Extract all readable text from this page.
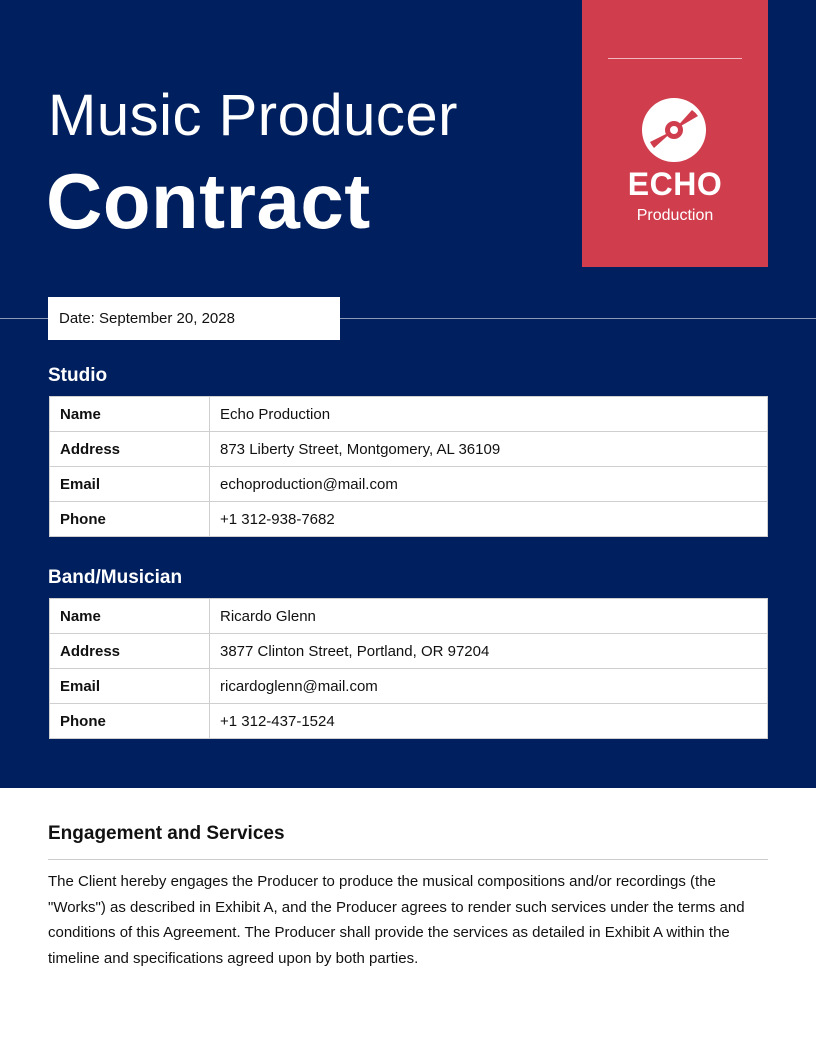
Music Producer
Contract	ECHO
Production
Date: September 20, 2028
Studio
Name	Echo Production
Address	873 Liberty Street, Montgomery, AL 36109
Email	echoproduction@mail.com
Phone	+1 312-938-7682
Band/Musician
Name	Ricardo Glenn
Address	3877 Clinton Street, Portland, OR 97204
Email	ricardoglenn@mail.com
Phone	+1 312-437-1524
Engagement and Services
The Client hereby engages the Producer to produce the musical compositions and/or recordings (the "Works") as described in Exhibit A, and the Producer agrees to render such services under the terms and conditions of this Agreement. The Producer shall provide the services as detailed in Exhibit A within the timeline and specifications agreed upon by both parties.
